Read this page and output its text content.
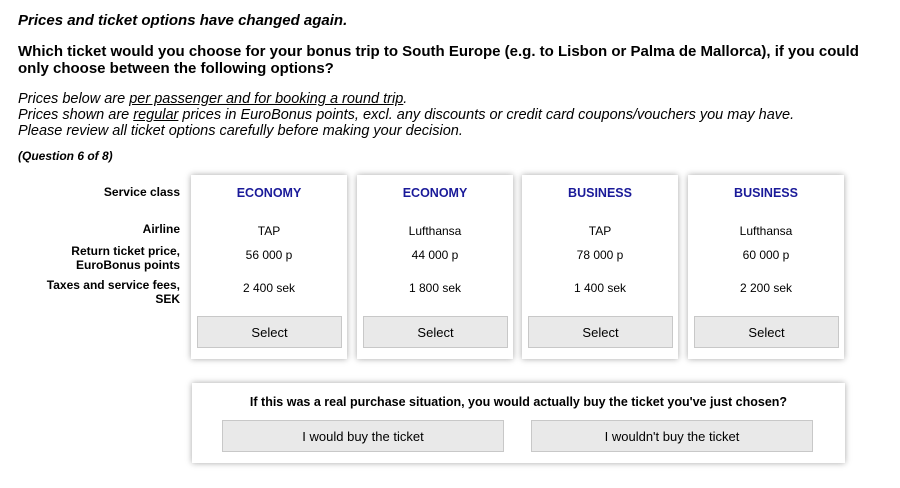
Prices and ticket options have changed again.

Which ticket would you choose for your bonus trip to South Europe (e.g. to Lisbon or Palma de Mallorca), if you could only choose between the following options?

Prices below are per passenger and for booking a round trip.
Prices shown are regular prices in EuroBonus points, excl. any discounts or credit card coupons/vouchers you may have.
Please review all ticket options carefully before making your decision.

(Question 6 of 8)

Service class
Airline
Return ticket price,
EuroBonus points
Taxes and service fees,
SEK
ECONOMY
TAP
56 000 p
2 400 sek
Select
ECONOMY
Lufthansa
44 000 p
1 800 sek
Select
BUSINESS
TAP
78 000 p
1 400 sek
Select
BUSINESS
Lufthansa
60 000 p
2 200 sek
Select
If this was a real purchase situation, you would actually buy the ticket you've just chosen?
I would buy the ticket	I wouldn't buy the ticket
